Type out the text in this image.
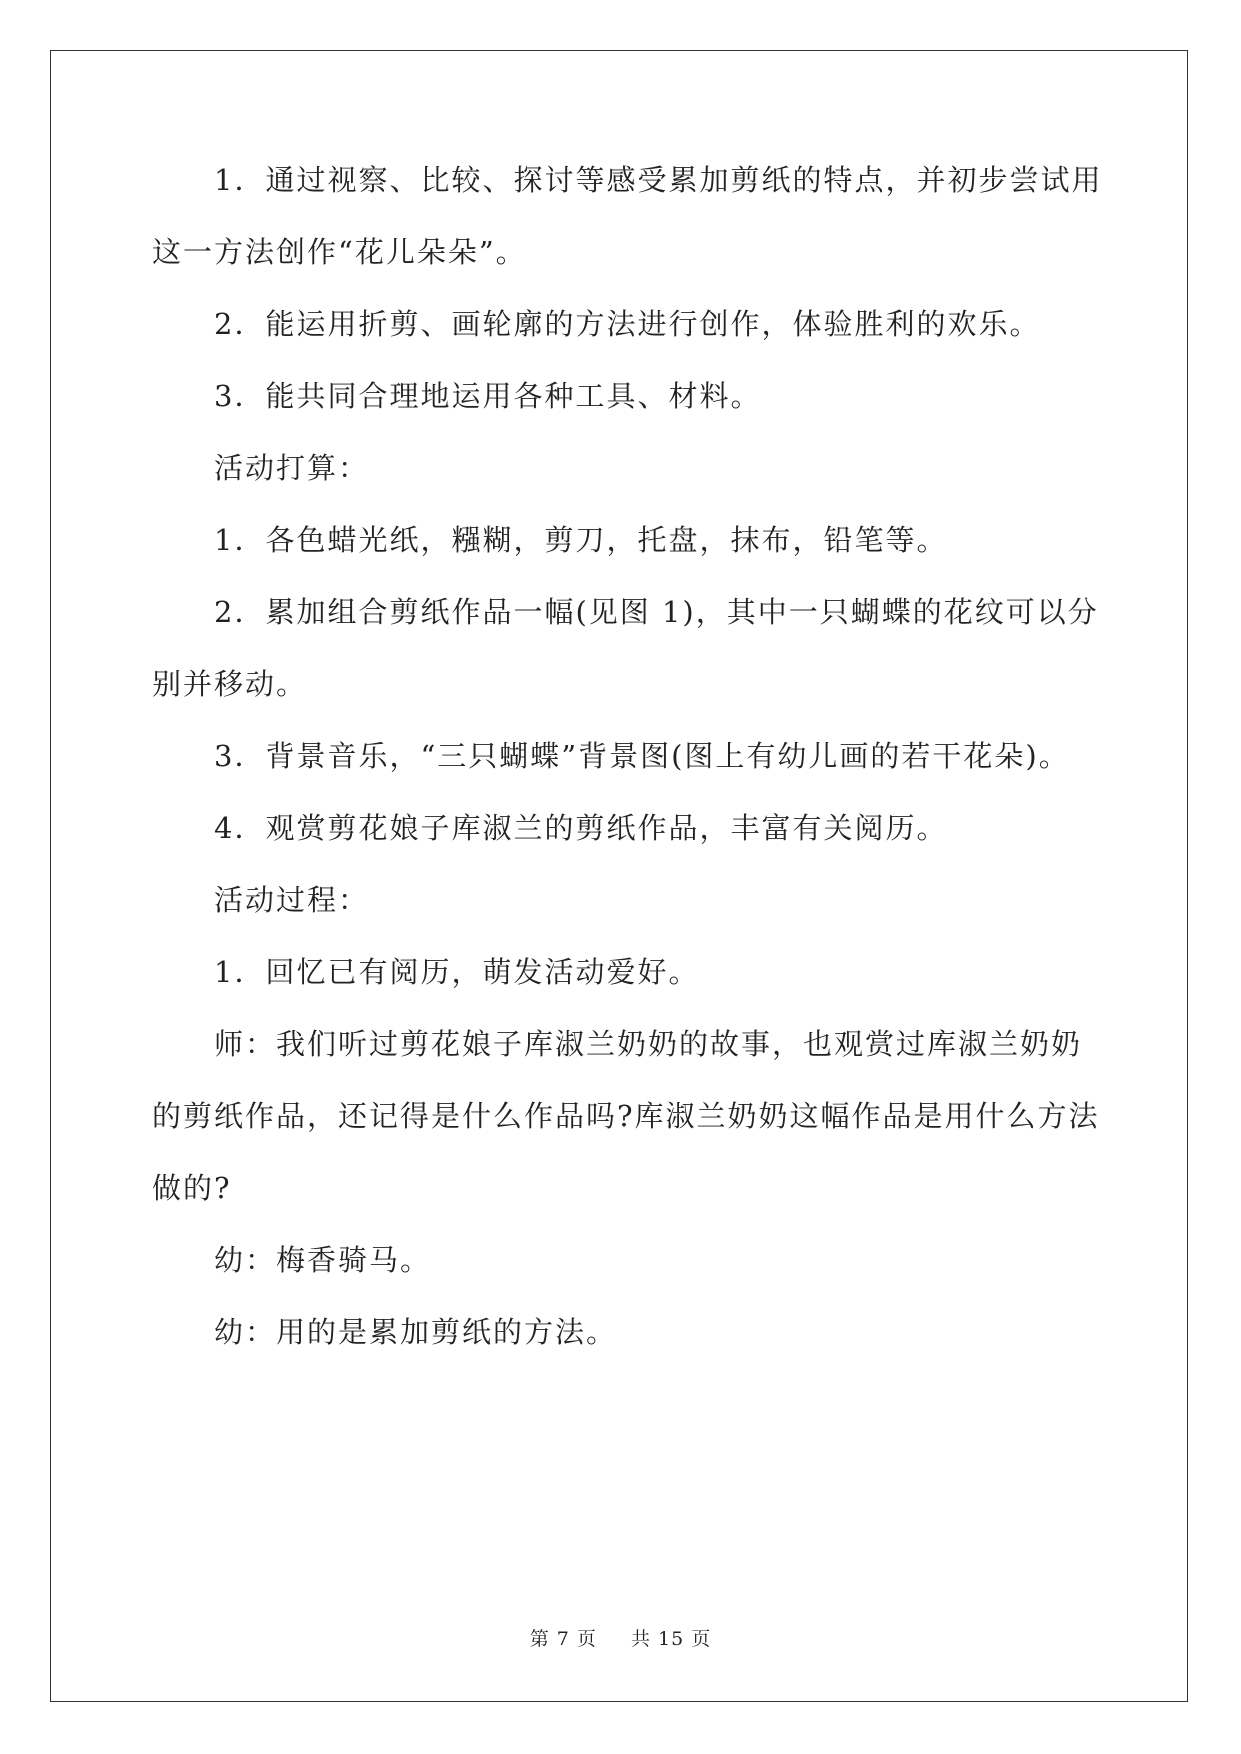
1．通过视察、比较、探讨等感受累加剪纸的特点，并初步尝试用
这一方法创作“花儿朵朵”。
2．能运用折剪、画轮廓的方法进行创作，体验胜利的欢乐。
3．能共同合理地运用各种工具、材料。
活动打算：
1．各色蜡光纸，糨糊，剪刀，托盘，抹布，铅笔等。
2．累加组合剪纸作品一幅(见图 1)，其中一只蝴蝶的花纹可以分
别并移动。
3．背景音乐，“三只蝴蝶”背景图(图上有幼儿画的若干花朵)。
4．观赏剪花娘子库淑兰的剪纸作品，丰富有关阅历。
活动过程：
1．回忆已有阅历，萌发活动爱好。
师：我们听过剪花娘子库淑兰奶奶的故事，也观赏过库淑兰奶奶
的剪纸作品，还记得是什么作品吗?库淑兰奶奶这幅作品是用什么方法
做的?
幼：梅香骑马。
幼：用的是累加剪纸的方法。
第 7 页 共 15 页
